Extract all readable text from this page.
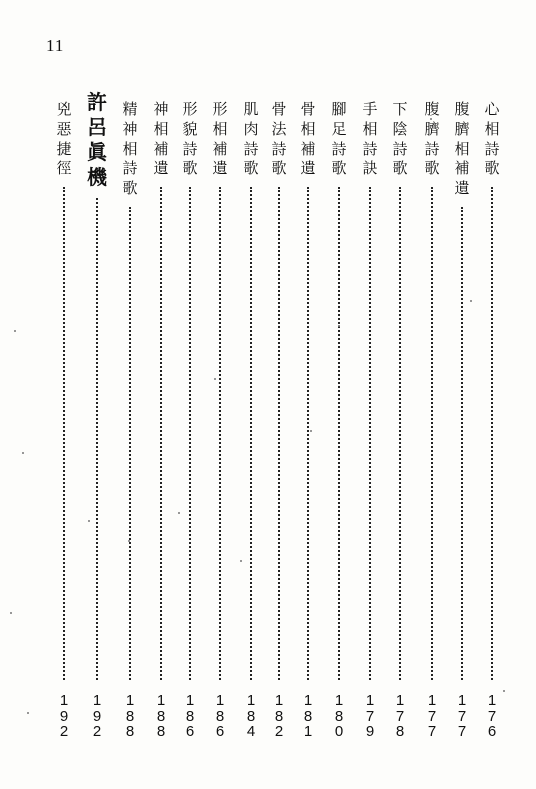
11
心
相
詩
歌
1
7
6
腹
臍
相
補
遺
1
7
7
腹
臍
詩
歌
1
7
7
下
陰
詩
歌
1
7
8
手
相
詩
訣
1
7
9
腳
足
詩
歌
1
8
0
骨
相
補
遺
1
8
1
骨
法
詩
歌
1
8
2
肌
肉
詩
歌
1
8
4
形
相
補
遺
1
8
6
形
貌
詩
歌
1
8
6
神
相
補
遺
1
8
8
精
神
相
詩
歌
1
8
8
許
呂
眞
機
1
9
2
兇
惡
捷
徑
1
9
2
